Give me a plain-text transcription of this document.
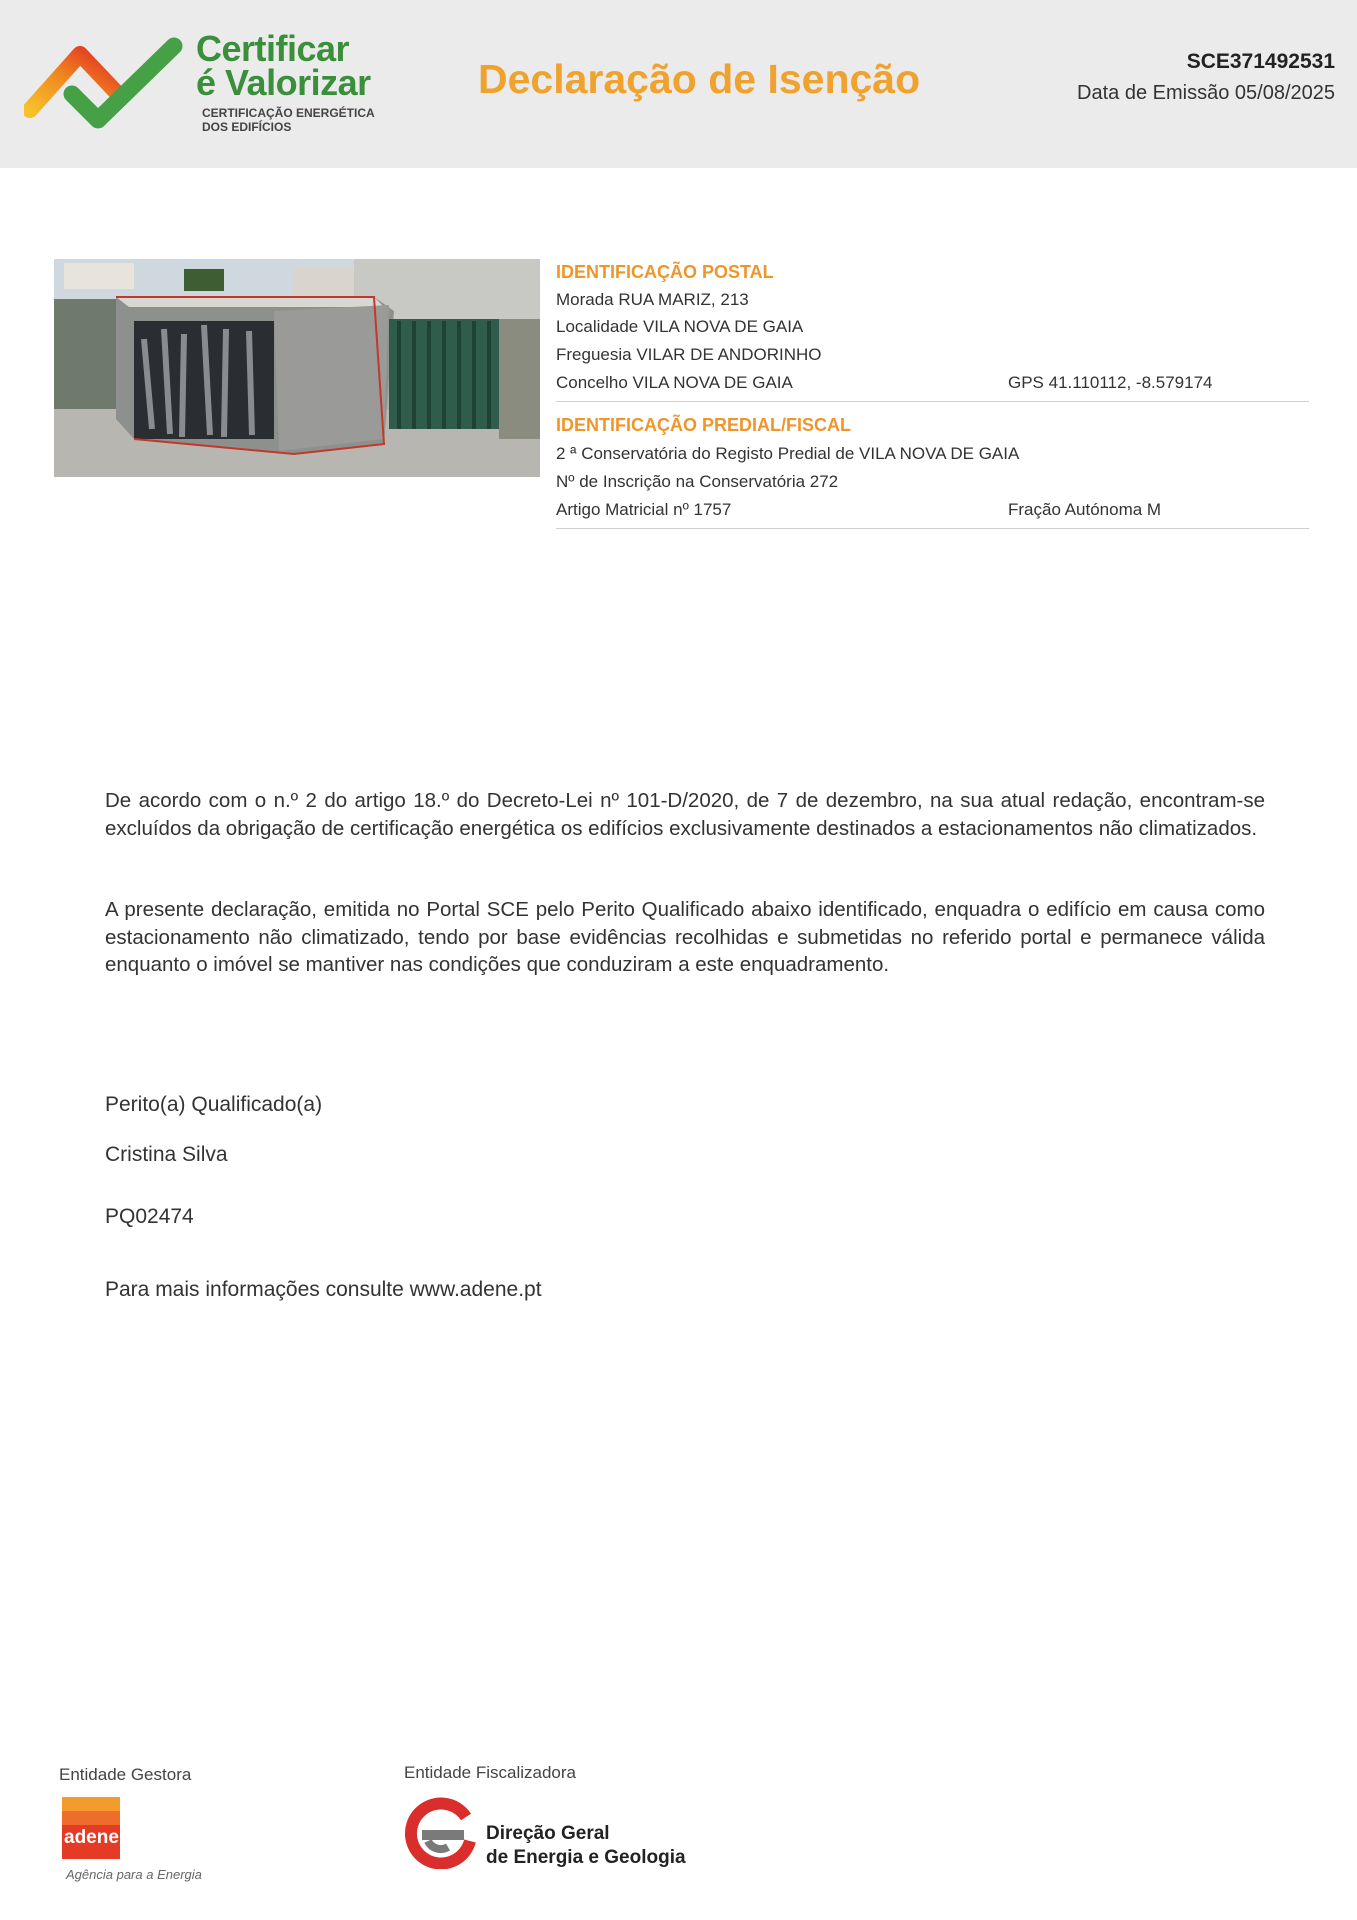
Certificar
é Valorizar
CERTIFICAÇÃO ENERGÉTICA
DOS EDIFÍCIOS
Declaração de Isenção	SCE371492531
Data de Emissão 05/08/2025
IDENTIFICAÇÃO POSTAL
Morada RUA MARIZ, 213
Localidade VILA NOVA DE GAIA
Freguesia VILAR DE ANDORINHO
Concelho VILA NOVA DE GAIA	GPS 41.110112, -8.579174
IDENTIFICAÇÃO PREDIAL/FISCAL
2 ª Conservatória do Registo Predial de VILA NOVA DE GAIA
Nº de Inscrição na Conservatória 272
Artigo Matricial nº 1757	Fração Autónoma M
De acordo com o n.º 2 do artigo 18.º do Decreto-Lei nº 101-D/2020, de 7 de dezembro, na sua atual redação, encontram-se excluídos da obrigação de certificação energética os edifícios exclusivamente destinados a estacionamentos não climatizados.
A presente declaração, emitida no Portal SCE pelo Perito Qualificado abaixo identificado, enquadra o edifício em causa como estacionamento não climatizado, tendo por base evidências recolhidas e submetidas no referido portal e permanece válida enquanto o imóvel se mantiver nas condições que conduziram a este enquadramento.
Perito(a) Qualificado(a)
Cristina Silva
PQ02474
Para mais informações consulte www.adene.pt
Entidade Gestora
adene
Agência para a Energia
Entidade Fiscalizadora
Direção Geral
de Energia e Geologia
